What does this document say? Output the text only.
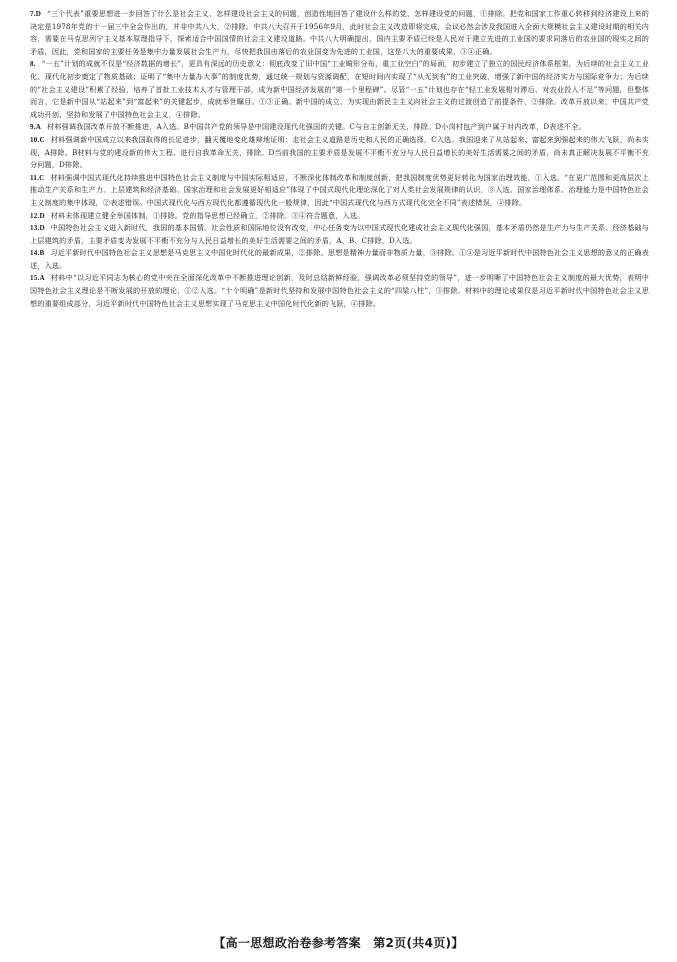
7.D “三个代表”重要思想进一步回答了什么是社会主义、怎样建设社会主义的问题，创造性地回答了建设什么样的党、怎样建设党的问题，①排除。把党和国家工作重心转移到经济建设上来的决定是1978年党的十一届三中全会作出的，并非中共八大，②排除。中共八大召开于1956年9月，此时社会主义改造即将完成，会议必然会涉及我国进入全面大规模社会主义建设时期的相关内容，需要在马克思列宁主义基本原理指导下，探索适合中国国情的社会主义建设道路。中共八大明确提出，国内主要矛盾已经是人民对于建立先进的工业国的要求同落后的农业国的现实之间的矛盾，因此，党和国家的主要任务是集中力量发展社会生产力，尽快把我国由落后的农业国变为先进的工业国，这是八大的重要成果，③④正确。

8. “一五”计划的成就不仅是“经济数据的增长”，更具有深远的历史意义：彻底改变了旧中国“工业畸形分布、重工业空白”的局面，初步建立了独立的国民经济体系框架，为后续的社会主义工业化、现代化初步奠定了物质基础；证明了“集中力量办大事”的制度优势，通过统一规划与资源调配，在短时间内实现了“从无到有”的工业突破，增强了新中国的经济实力与国际竞争力；为后续的“社会主义建设”积累了经验，培养了首批工业技术人才与管理干部，成为新中国经济发展的“第一个里程碑”。尽管“一五”计划也存在“轻工业发展相对滞后、对农业投入不足”等问题，但整体而言，它是新中国从“站起来”到“富起来”的关键起步，成就举世瞩目。①③正确。新中国的成立，为实现由新民主主义向社会主义的过渡创造了前提条件，②排除。改革开放以来，中国共产党成功开创、坚持和发展了中国特色社会主义，④排除。

9.A 材料强调我国改革开放不断推进，A入选。B中国共产党的领导是中国建设现代化强国的关键。C与自主创新无关，排除。D小岗村包产到户属于对内改革，D表述不全。

10.C 材料强调新中国成立以来我国取得的长足进步，翻天覆地变化雄辩地证明：走社会主义道路是历史和人民的正确选择，C入选。我国迎来了从站起来、富起来到强起来的伟大飞跃，尚未实现，A排除。B材料与党的建设新的伟大工程、进行自我革命无关，排除。D当前我国的主要矛盾是发展不平衡不充分与人民日益增长的美好生活需要之间的矛盾，尚未真正解决发展不平衡不充分问题，D排除。

11.C 材料强调中国式现代化持续推进中国特色社会主义制度与中国实际相适应，不断深化体制改革和制度创新，把我国制度优势更好转化为国家治理效能，①入选。“在更广范围和更高层次上推动生产关系和生产力、上层建筑和经济基础、国家治理和社会发展更好相适应”体现了中国式现代化理论深化了对人类社会发展规律的认识，③入选。国家治理体系、治理能力是中国特色社会主义制度的集中体现，②表述错误。中国式现代化与西方现代化都遵循现代化一般规律，因此“中国式现代化与西方式现代化完全不同”表述错误，④排除。

12.D 材料未体现建立健全举国体制，①排除。党的指导思想已经确立，②排除。③④符合题意，入选。

13.D 中国特色社会主义进入新时代，我国的基本国情、社会性质和国际地位没有改变，中心任务变为以中国式现代化建成社会主义现代化强国，基本矛盾仍然是生产力与生产关系、经济基础与上层建筑的矛盾，主要矛盾变为发展不平衡不充分与人民日益增长的美好生活需要之间的矛盾，A、B、C排除，D入选。

14.B 习近平新时代中国特色社会主义思想是马克思主义中国化时代化的最新成果，②排除。思想是精神力量而非物质力量，③排除。①④是习近平新时代中国特色社会主义思想的意义的正确表述，入选。

15.A 材料中“以习近平同志为核心的党中央在全面深化改革中不断推进理论创新，及时总结新鲜经验，强调改革必须坚持党的领导”，进一步明晰了中国特色社会主义制度的最大优势，表明中国特色社会主义理论是不断发展的开放的理论，①②入选。“十个明确”是新时代坚持和发展中国特色社会主义的“四梁八柱”，③排除。材料中的理论成果仅是习近平新时代中国特色社会主义思想的重要组成部分，习近平新时代中国特色社会主义思想实现了马克思主义中国化时代化新的飞跃，④排除。

【高一思想政治卷参考答案　第2页(共4页)】
